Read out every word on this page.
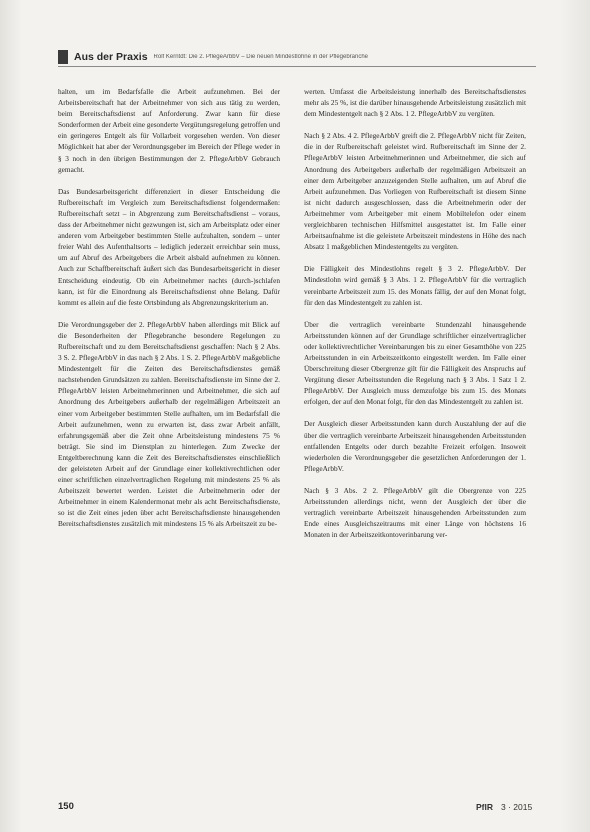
Aus der Praxis Rolf Kerntdt: Die 2. PflegeArbbV – Die neuen Mindestlöhne in der Pflegebranche

halten, um im Bedarfsfalle die Arbeit aufzunehmen. Bei der Arbeitsbereitschaft hat der Arbeitnehmer von sich aus tätig zu werden, beim Bereitschaftsdienst auf Anforderung. Zwar kann für diese Sonderformen der Arbeit eine gesonderte Vergütungsregelung getroffen und ein geringeres Entgelt als für Vollarbeit vorgesehen werden. Von dieser Möglichkeit hat aber der Verordnungsgeber im Bereich der Pflege weder in § 3 noch in den übrigen Bestimmungen der 2. PflegeArbbV Gebrauch gemacht.

Das Bundesarbeitsgericht differenziert in dieser Entscheidung die Rufbereitschaft im Vergleich zum Bereitschaftsdienst folgendermaßen: Rufbereitschaft setzt – in Abgrenzung zum Bereitschaftsdienst – voraus, dass der Arbeitnehmer nicht gezwungen ist, sich am Arbeitsplatz oder einer anderen vom Arbeitgeber bestimmten Stelle aufzuhalten, sondern – unter freier Wahl des Aufenthaltsorts – lediglich jederzeit erreichbar sein muss, um auf Abruf des Arbeitgebers die Arbeit alsbald aufnehmen zu können. Auch zur Schaffbereitschaft äußert sich das Bundesarbeitsgericht in dieser Entscheidung eindeutig. Ob ein Arbeitnehmer nachts (durch-)schlafen kann, ist für die Einordnung als Bereitschaftsdienst ohne Belang. Dafür kommt es allein auf die feste Ortsbindung als Abgrenzungskriterium an.

Die Verordnungsgeber der 2. PflegeArbbV haben allerdings mit Blick auf die Besonderheiten der Pflegebranche besondere Regelungen zu Rufbereitschaft und zu dem Bereitschaftsdienst geschaffen: Nach § 2 Abs. 3 S. 2. PflegeArbbV in das nach § 2 Abs. 1 S. 2. PflegeArbbV maßgebliche Mindestentgelt für die Zeiten des Bereitschaftsdienstes gemäß nachstehenden Grundsätzen zu zahlen. Bereitschaftsdienste im Sinne der 2. PflegeArbbV leisten Arbeitnehmerinnen und Arbeitnehmer, die sich auf Anordnung des Arbeitgebers außerhalb der regelmäßigen Arbeitszeit an einer vom Arbeitgeber bestimmten Stelle aufhalten, um im Bedarfsfall die Arbeit aufzunehmen, wenn zu erwarten ist, dass zwar Arbeit anfällt, erfahrungsgemäß aber die Zeit ohne Arbeitsleistung mindestens 75 % beträgt. Sie sind im Dienstplan zu hinterlegen. Zum Zwecke der Entgeltberechnung kann die Zeit des Bereitschaftsdienstes einschließlich der geleisteten Arbeit auf der Grundlage einer kollektivrechtlichen oder einer schriftlichen einzelvertraglichen Regelung mit mindestens 25 % als Arbeitszeit bewertet werden. Leistet die Arbeitnehmerin oder der Arbeitnehmer in einem Kalendermonat mehr als acht Bereitschaftsdienste, so ist die Zeit eines jeden über acht Bereitschaftsdienste hinausgehenden Bereitschaftsdienstes zusätzlich mit mindestens 15 % als Arbeitszeit zu be-

werten. Umfasst die Arbeitsleistung innerhalb des Bereitschaftsdienstes mehr als 25 %, ist die darüber hinausgehende Arbeitsleistung zusätzlich mit dem Mindestentgelt nach § 2 Abs. 1 2. PflegeArbbV zu vergüten.

Nach § 2 Abs. 4 2. PflegeArbbV greift die 2. PflegeArbbV nicht für Zeiten, die in der Rufbereitschaft geleistet wird. Rufbereitschaft im Sinne der 2. PflegeArbbV leisten Arbeitnehmerinnen und Arbeitnehmer, die sich auf Anordnung des Arbeitgebers außerhalb der regelmäßigen Arbeitszeit an einer dem Arbeitgeber anzuzeigenden Stelle aufhalten, um auf Abruf die Arbeit aufzunehmen. Das Vorliegen von Rufbereitschaft ist diesem Sinne ist nicht dadurch ausgeschlossen, dass die Arbeitnehmerin oder der Arbeitnehmer vom Arbeitgeber mit einem Mobiltelefon oder einem vergleichbaren technischen Hilfsmittel ausgestattet ist. Im Falle einer Arbeitsaufnahme ist die geleistete Arbeitszeit mindestens in Höhe des nach Absatz 1 maßgeblichen Mindestentgelts zu vergüten.

Die Fälligkeit des Mindestlohns regelt § 3 2. PflegeArbbV. Der Mindestlohn wird gemäß § 3 Abs. 1 2. PflegeArbbV für die vertraglich vereinbarte Arbeitszeit zum 15. des Monats fällig, der auf den Monat folgt, für den das Mindestentgelt zu zahlen ist.

Über die vertraglich vereinbarte Stundenzahl hinausgehende Arbeitsstunden können auf der Grundlage schriftlicher einzelvertraglicher oder kollektivrechtlicher Vereinbarungen bis zu einer Gesamthöhe von 225 Arbeitsstunden in ein Arbeitszeitkonto eingestellt werden. Im Falle einer Überschreitung dieser Obergrenze gilt für die Fälligkeit des Anspruchs auf Vergütung dieser Arbeitsstunden die Regelung nach § 3 Abs. 1 Satz 1 2. PflegeArbbV. Der Ausgleich muss demzufolge bis zum 15. des Monats erfolgen, der auf den Monat folgt, für den das Mindestentgelt zu zahlen ist.

Der Ausgleich dieser Arbeitsstunden kann durch Auszahlung der auf die über die vertraglich vereinbarte Arbeitszeit hinausgehenden Arbeitsstunden entfallenden Entgelts oder durch bezahlte Freizeit erfolgen. Insoweit wiederholen die Verordnungsgeber die gesetzlichen Anforderungen der 1. PflegeArbbV.

Nach § 3 Abs. 2 2. PflegeArbbV gilt die Obergrenze von 225 Arbeitsstunden allerdings nicht, wenn der Ausgleich der über die vertraglich vereinbarte Arbeitszeit hinausgehenden Arbeitsstunden zum Ende eines Ausgleichszeitraums mit einer Länge von höchstens 16 Monaten in der Arbeitszeitkontoverinbarung ver-

150	PflR 3 · 2015
